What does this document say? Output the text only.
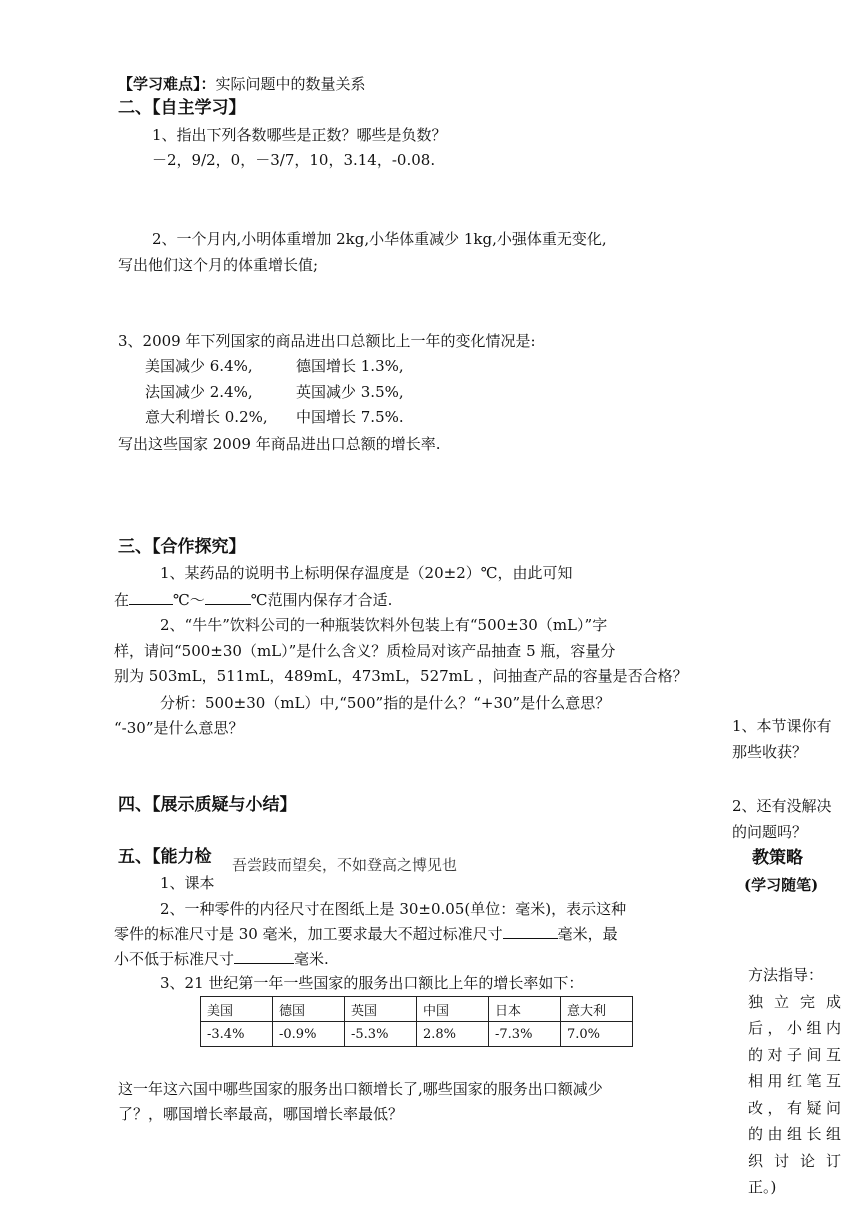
【学习难点】：实际问题中的数量关系
二、【自主学习】
1、指出下列各数哪些是正数？哪些是负数？
－2，9/2，0，－3/7，10，3.14，-0.08.
2、一个月内,小明体重增加 2kg,小华体重减少 1kg,小强体重无变化,
写出他们这个月的体重增长值;
3、2009 年下列国家的商品进出口总额比上一年的变化情况是:
美国减少 6.4%,	德国增长 1.3%,
法国减少 2.4%,	英国减少 3.5%,
意大利增长 0.2%, 中国增长 7.5%.
写出这些国家 2009 年商品进出口总额的增长率.
三、【合作探究】
1、某药品的说明书上标明保存温度是（20±2）℃，由此可知
在	℃～	℃范围内保存才合适.
2、“牛牛”饮料公司的一种瓶装饮料外包装上有“500±30（mL）”字
样，请问“500±30（mL）”是什么含义？质检局对该产品抽查 5 瓶，容量分
别为 503mL，511mL，489mL，473mL，527mL ，问抽查产品的容量是否合格？
分析：500±30（mL）中,“500”指的是什么？“+30”是什么意思？
“-30”是什么意思？
四、【展示质疑与小结】
五、【能力检
1、课本
吾尝跂而望矣，不如登高之博见也
2、一种零件的内径尺寸在图纸上是 30±0.05(单位：毫米)，表示这种
零件的标准尺寸是 30 毫米，加工要求最大不超过标准尺寸	毫米，最
小不低于标准尺寸	毫米.
3、21 世纪第一年一些国家的服务出口额比上年的增长率如下：
美国	德国	英国	中国	日本	意大利
-3.4%	-0.9%	-5.3%	2.8%	-7.3%	7.0%
这一年这六国中哪些国家的服务出口额增长了,哪些国家的服务出口额减少
了？，哪国增长率最高，哪国增长率最低？
1、本节课你有
那些收获？
2、还有没解决
的问题吗？
教策略
(学习随笔)
方法指导：
独立完成
后，小组内
的对子间互
相用红笔互
改，有疑问
的由组长组
织讨论订
正。)
